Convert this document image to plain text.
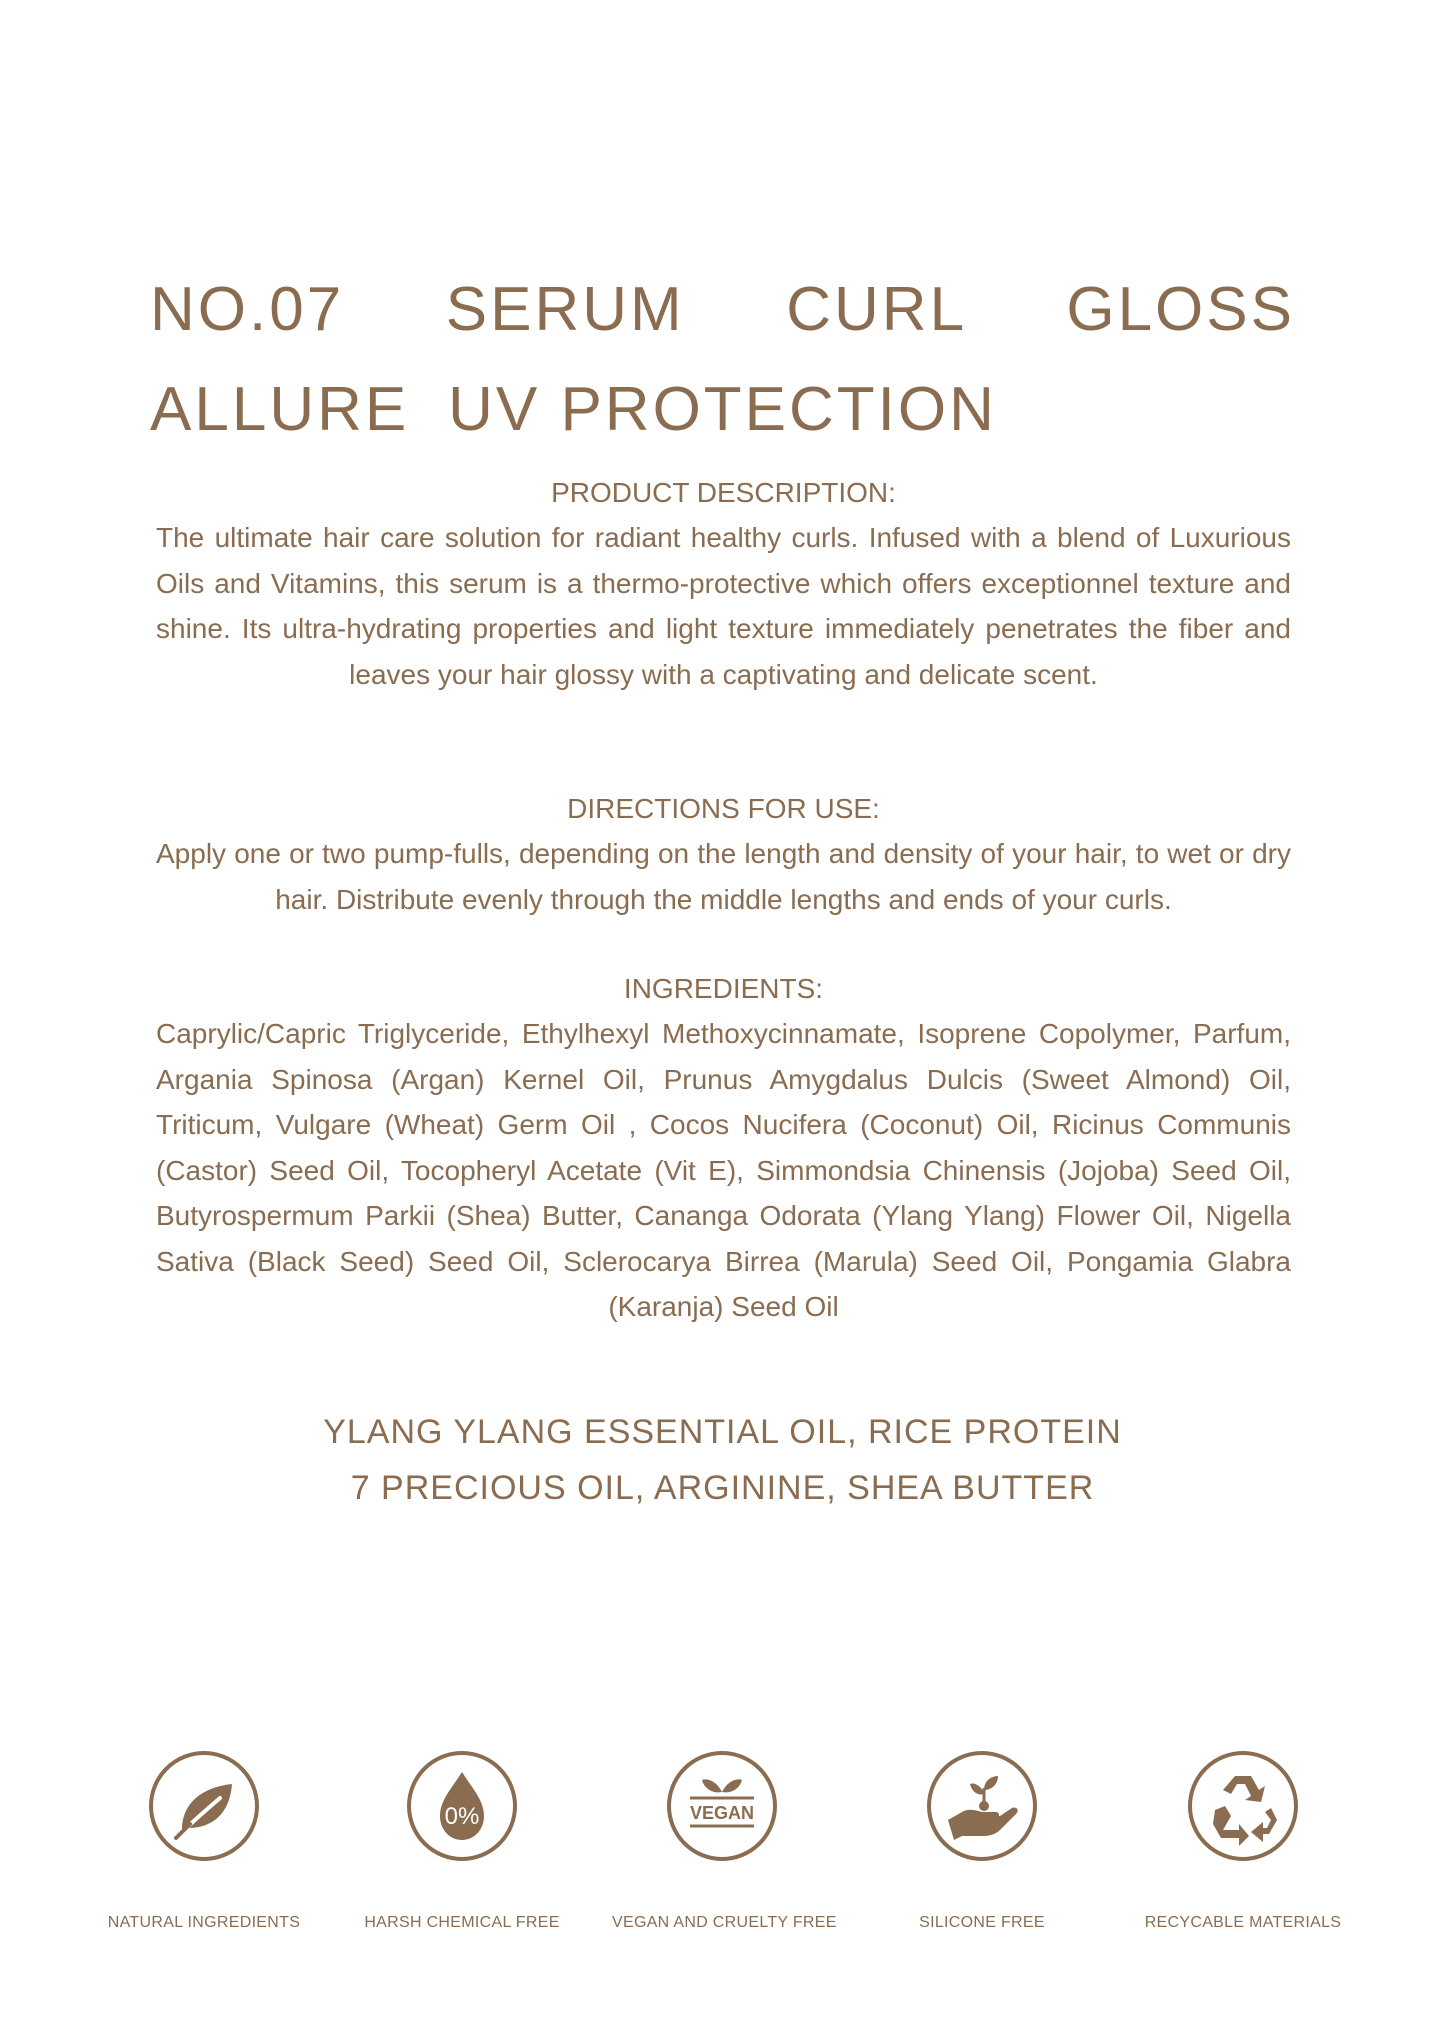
NO.07 SERUM CURL GLOSS ALLURE UV PROTECTION
PRODUCT DESCRIPTION:

The ultimate hair care solution for radiant healthy curls. Infused with a blend of Luxurious Oils and Vitamins, this serum is a thermo-protective which offers exceptionnel texture and shine. Its ultra-hydrating properties and light texture immediately penetrates the fiber and leaves your hair glossy with a captivating and delicate scent.

DIRECTIONS FOR USE:

Apply one or two pump-fulls, depending on the length and density of your hair, to wet or dry hair. Distribute evenly through the middle lengths and ends of your curls.

INGREDIENTS:

Caprylic/Capric Triglyceride, Ethylhexyl Methoxycinnamate, Isoprene Copolymer, Parfum, Argania Spinosa (Argan) Kernel Oil, Prunus Amygdalus Dulcis (Sweet Almond) Oil, Triticum, Vulgare (Wheat) Germ Oil , Cocos Nucifera (Coconut) Oil, Ricinus Communis (Castor) Seed Oil, Tocopheryl Acetate (Vit E), Simmondsia Chinensis (Jojoba) Seed Oil, Butyrospermum Parkii (Shea) Butter, Cananga Odorata (Ylang Ylang) Flower Oil, Nigella Sativa (Black Seed) Seed Oil, Sclerocarya Birrea (Marula) Seed Oil, Pongamia Glabra (Karanja) Seed Oil

YLANG YLANG ESSENTIAL OIL, RICE PROTEIN

7 PRECIOUS OIL, ARGININE, SHEA BUTTER

NATURAL INGREDIENTS
0%
HARSH CHEMICAL FREE
VEGAN
VEGAN AND CRUELTY FREE	SILICONE FREE	RECYCABLE MATERIALS
